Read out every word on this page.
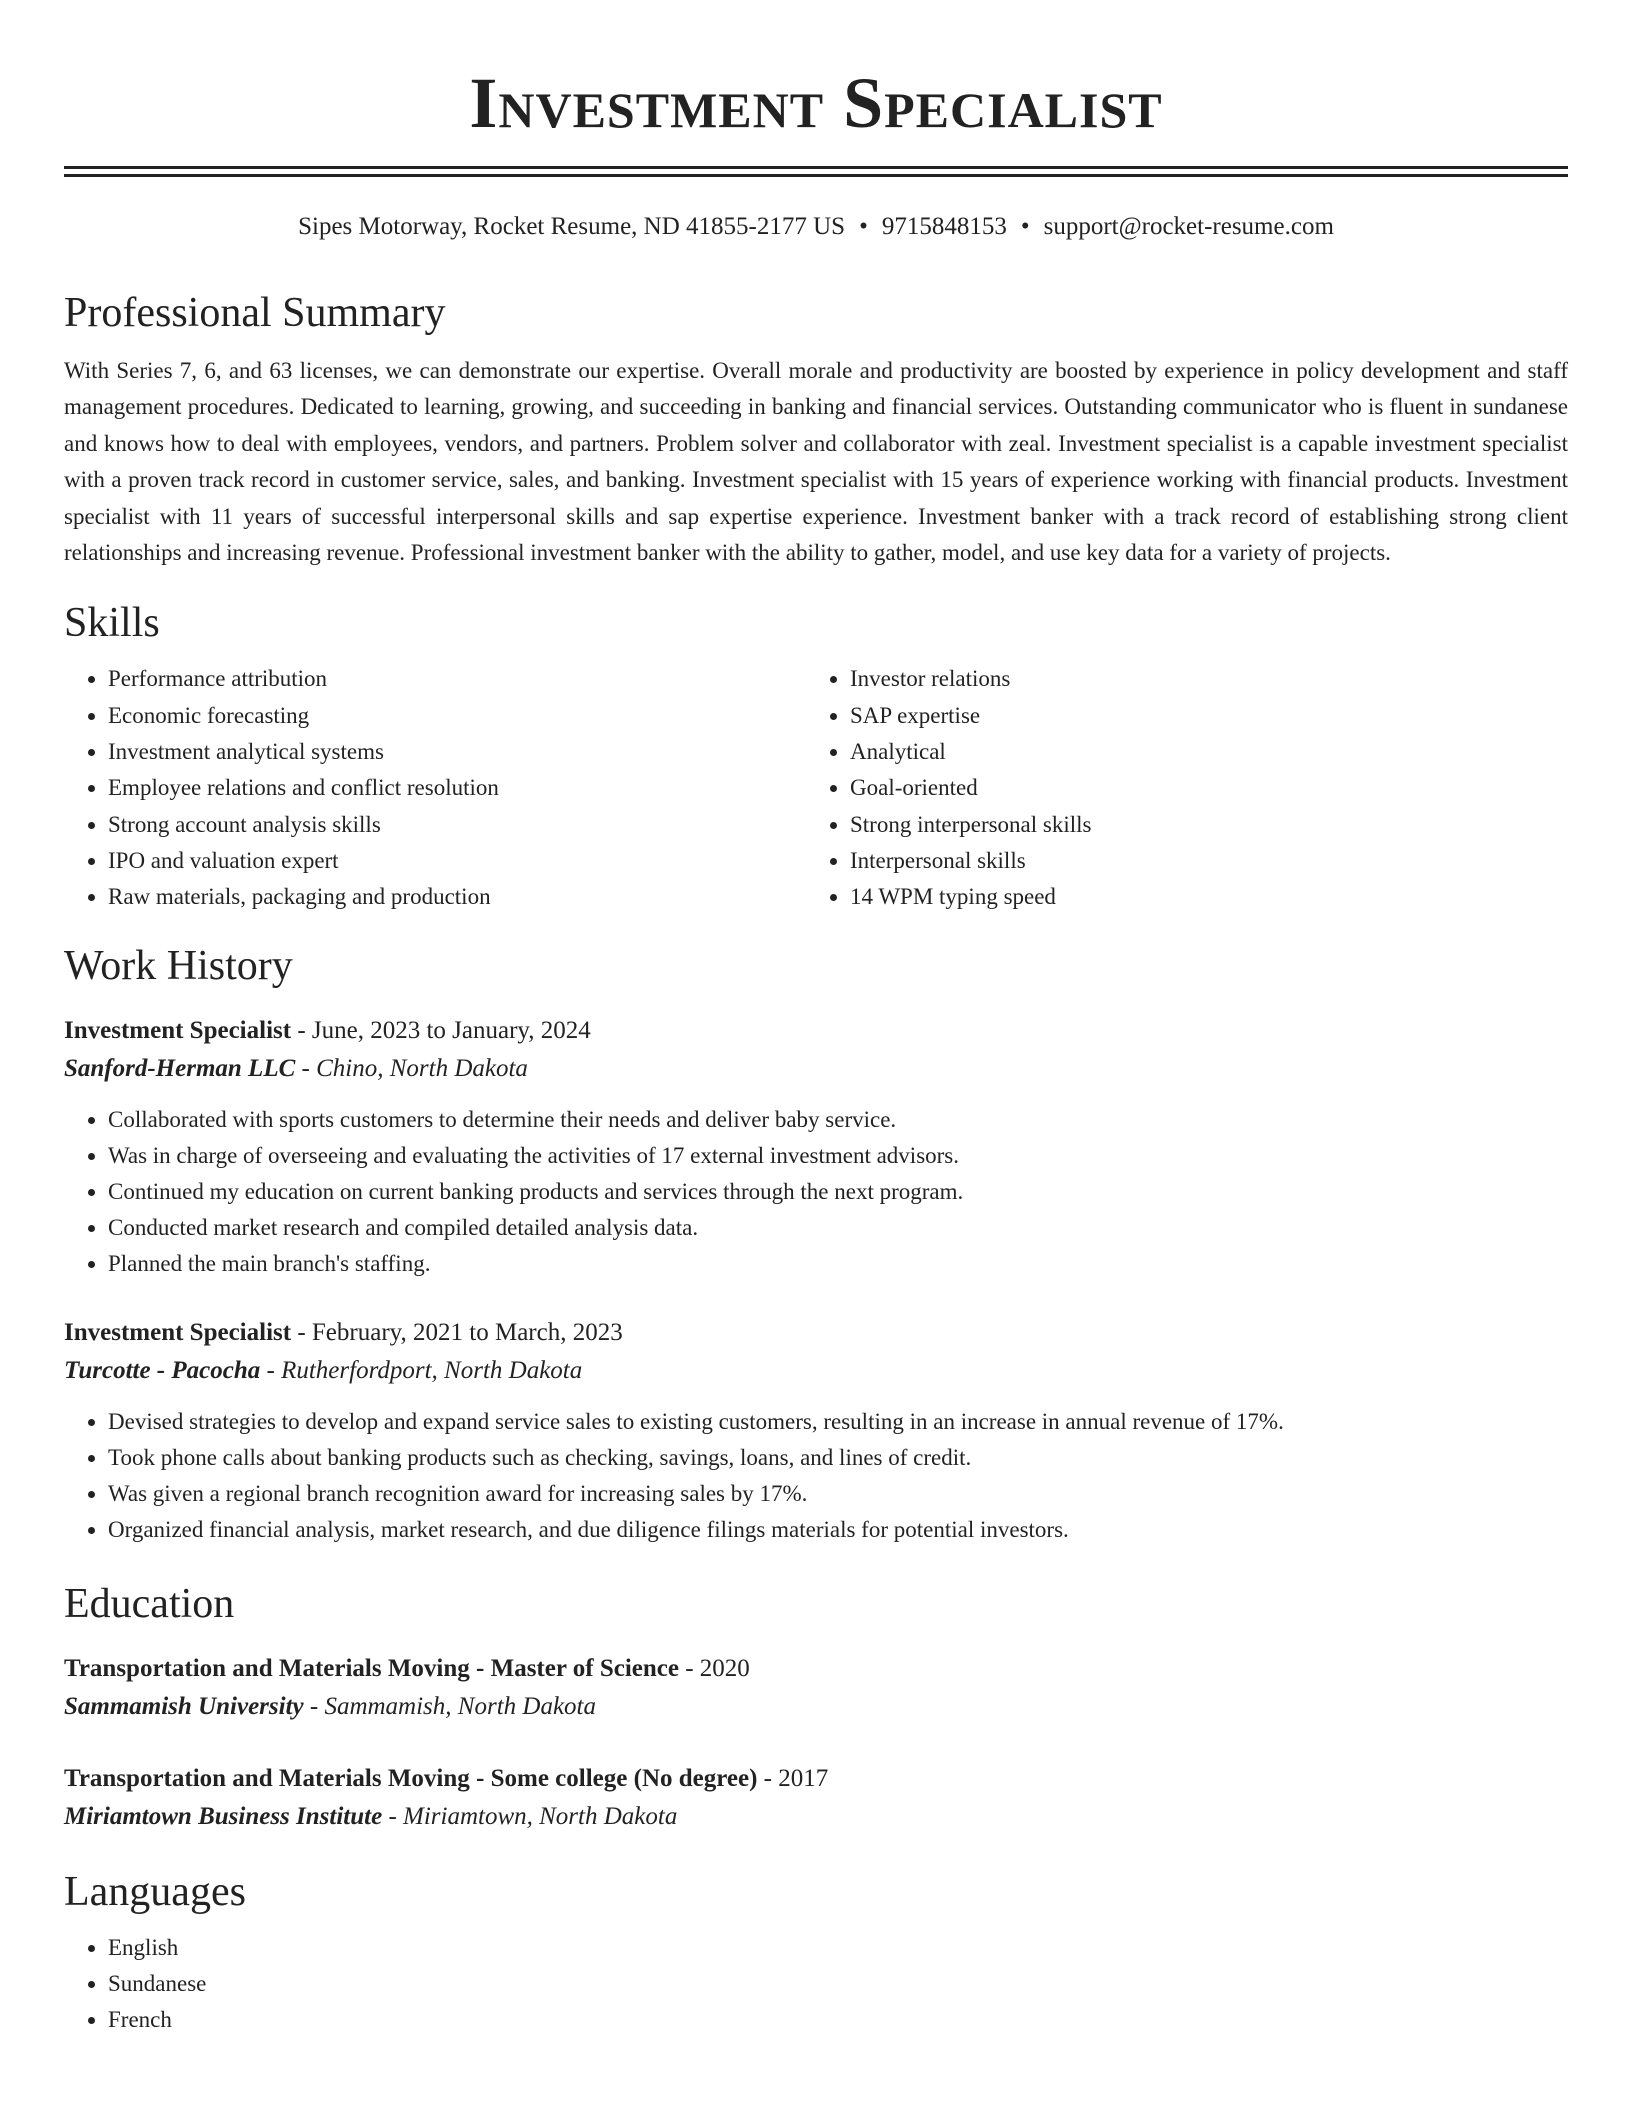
Investment Specialist
Sipes Motorway, Rocket Resume, ND 41855-2177 US • 9715848153 • support@rocket-resume.com
Professional Summary
With Series 7, 6, and 63 licenses, we can demonstrate our expertise. Overall morale and productivity are boosted by experience in policy development and staff management procedures. Dedicated to learning, growing, and succeeding in banking and financial services. Outstanding communicator who is fluent in sundanese and knows how to deal with employees, vendors, and partners. Problem solver and collaborator with zeal. Investment specialist is a capable investment specialist with a proven track record in customer service, sales, and banking. Investment specialist with 15 years of experience working with financial products. Investment specialist with 11 years of successful interpersonal skills and sap expertise experience. Investment banker with a track record of establishing strong client relationships and increasing revenue. Professional investment banker with the ability to gather, model, and use key data for a variety of projects.
Skills
• Performance attribution
• Economic forecasting
• Investment analytical systems
• Employee relations and conflict resolution
• Strong account analysis skills
• IPO and valuation expert
• Raw materials, packaging and production
• Investor relations
• SAP expertise
• Analytical
• Goal-oriented
• Strong interpersonal skills
• Interpersonal skills
• 14 WPM typing speed
Work History
Investment Specialist - June, 2023 to January, 2024
Sanford-Herman LLC - Chino, North Dakota
• Collaborated with sports customers to determine their needs and deliver baby service.
• Was in charge of overseeing and evaluating the activities of 17 external investment advisors.
• Continued my education on current banking products and services through the next program.
• Conducted market research and compiled detailed analysis data.
• Planned the main branch's staffing.
Investment Specialist - February, 2021 to March, 2023
Turcotte - Pacocha - Rutherfordport, North Dakota
• Devised strategies to develop and expand service sales to existing customers, resulting in an increase in annual revenue of 17%.
• Took phone calls about banking products such as checking, savings, loans, and lines of credit.
• Was given a regional branch recognition award for increasing sales by 17%.
• Organized financial analysis, market research, and due diligence filings materials for potential investors.
Education
Transportation and Materials Moving - Master of Science - 2020
Sammamish University - Sammamish, North Dakota
Transportation and Materials Moving - Some college (No degree) - 2017
Miriamtown Business Institute - Miriamtown, North Dakota
Languages
• English
• Sundanese
• French
